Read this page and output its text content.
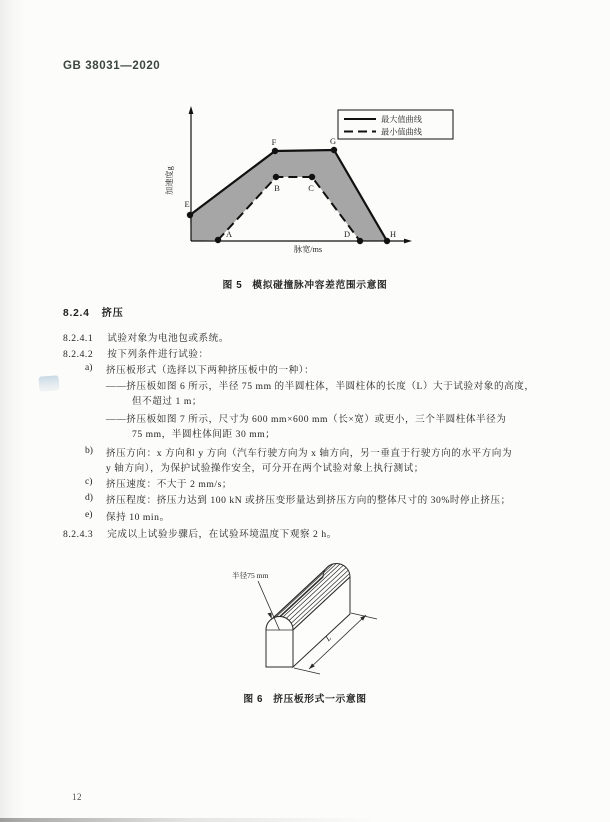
GB 38031—2020
E
A
F
B	C
G
D	H
加速度g
脉宽/ms
最大值曲线
最小值曲线
图 5 模拟碰撞脉冲容差范围示意图
8.2.4 挤压
8.2.4.1 试验对象为电池包或系统。
8.2.4.2 按下列条件进行试验：
a) 挤压板形式（选择以下两种挤压板中的一种）：
——挤压板如图 6 所示，半径 75 mm 的半圆柱体，半圆柱体的长度（L）大于试验对象的高度，
但不超过 1 m；
——挤压板如图 7 所示，尺寸为 600 mm×600 mm（长×宽）或更小，三个半圆柱体半径为
75 mm，半圆柱体间距 30 mm；
b) 挤压方向：x 方向和 y 方向（汽车行驶方向为 x 轴方向，另一垂直于行驶方向的水平方向为
y 轴方向），为保护试验操作安全，可分开在两个试验对象上执行测试；
c) 挤压速度：不大于 2 mm/s；
d) 挤压程度：挤压力达到 100 kN 或挤压变形量达到挤压方向的整体尺寸的 30%时停止挤压；
e) 保持 10 min。
8.2.4.3 完成以上试验步骤后，在试验环境温度下观察 2 h。
半径75 mm
L
图 6 挤压板形式一示意图
12
